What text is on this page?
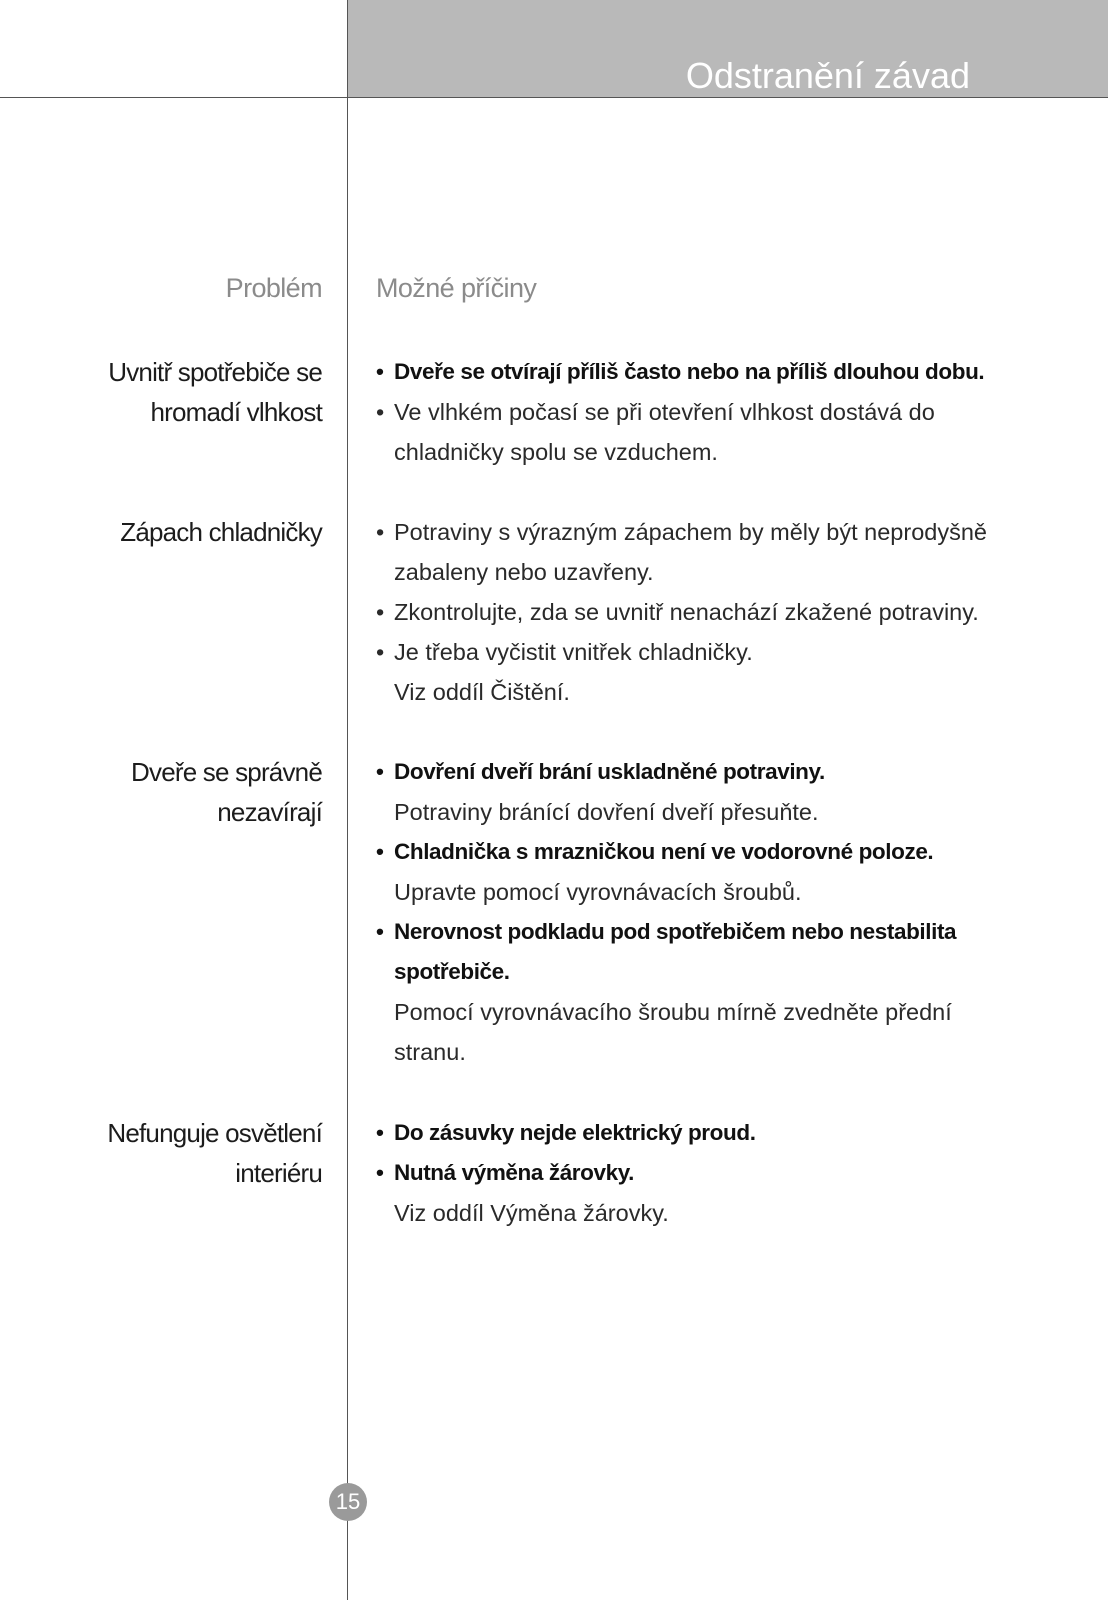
Odstranění závad
Problém Možné příčiny
Uvnitř spotřebiče se
hromadí vlhkost
• Dveře se otvírají příliš často nebo na příliš dlouhou dobu.
• Ve vlhkém počasí se při otevření vlhkost dostává do
chladničky spolu se vzduchem.
Zápach chladničky • Potraviny s výrazným zápachem by měly být neprodyšně
zabaleny nebo uzavřeny.
• Zkontrolujte, zda se uvnitř nenachází zkažené potraviny.
• Je třeba vyčistit vnitřek chladničky.
Viz oddíl Čištění.
Dveře se správně
nezavírají
• Dovření dveří brání uskladněné potraviny.
Potraviny bránící dovření dveří přesuňte.
• Chladnička s mrazničkou není ve vodorovné poloze.
Upravte pomocí vyrovnávacích šroubů.
• Nerovnost podkladu pod spotřebičem nebo nestabilita
spotřebiče.
Pomocí vyrovnávacího šroubu mírně zvedněte přední
stranu.
Nefunguje osvětlení
interiéru
• Do zásuvky nejde elektrický proud.
• Nutná výměna žárovky.
Viz oddíl Výměna žárovky.
15
